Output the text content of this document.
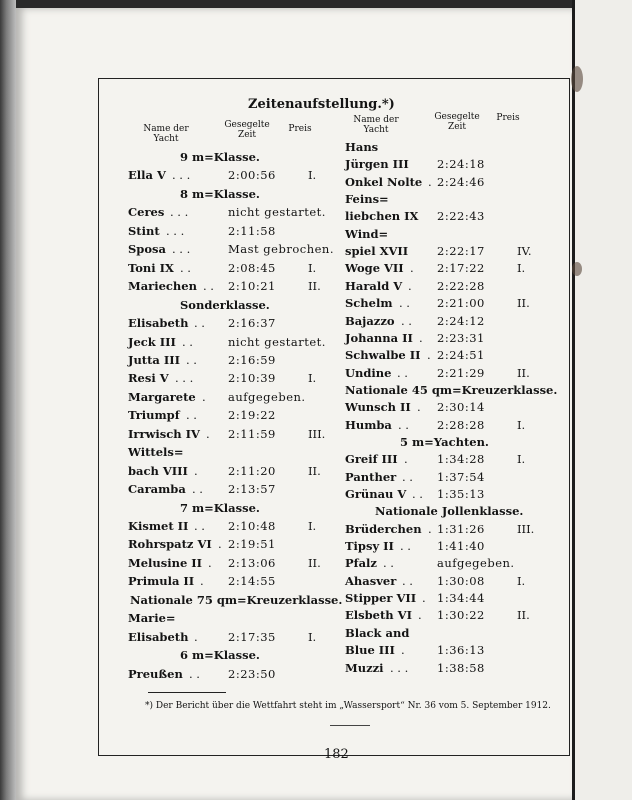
Zeitenaufstellung.*)
Name der Yacht
Gesegelte Zeit
Preis
Name der Yacht
Gesegelte Zeit
Preis
9 m=Klasse.
Ella V . . .	2:00:56	I.
8 m=Klasse.
Ceres . . .	nicht gestartet.
Stint . . .	2:11:58
Sposa . . .	Mast gebrochen.
Toni IX . .	2:08:45	I.
Mariechen . . 2:10:21	II.
Sonderklasse.
Elisabeth . . 2:16:37
Jeck III . .	nicht gestartet.
Jutta III . .	2:16:59
Resi V . . .	2:10:39	I.
Margarete . aufgegeben.
Triumpf . .	2:19:22
Irrwisch IV . 2:11:59	III.
Wittels=
bach VIII .	2:11:20	II.
Caramba . . 2:13:57
7 m=Klasse.
Kismet II . . 2:10:48	I.
Rohrspatz VI . 2:19:51
Melusine II . 2:13:06	II.
Primula II . 2:14:55
Nationale 75 qm=Kreuzerklasse.
Marie=
Elisabeth .	2:17:35	I.
6 m=Klasse.
Preußen . . 2:23:50
Hans
Jürgen III 2:24:18
Onkel Nolte . 2:24:46
Feins=
liebchen IX 2:22:43
Wind=
spiel XVII	2:22:17	IV.
Woge VII . 2:17:22	I.
Harald V . 2:22:28
Schelm . . 2:21:00	II.
Bajazzo . . 2:24:12
Johanna II . 2:23:31
Schwalbe II . 2:24:51
Undine . .	2:21:29	II.
Nationale 45 qm=Kreuzerklasse.
Wunsch II . 2:30:14
Humba . . 2:28:28	I.
5 m=Yachten.
Greif III .	1:34:28	I.
Panther . . 1:37:54
Grünau V . . 1:35:13
Nationale Jollenklasse.
Brüderchen . 1:31:26	III.
Tipsy II . . 1:41:40
Pfalz . .	aufgegeben.
Ahasver . . 1:30:08	I.
Stipper VII . 1:34:44
Elsbeth VI . 1:30:22	II.
Black and
Blue III .	1:36:13
Muzzi . . . 1:38:58
*) Der Bericht über die Wettfahrt steht im „Wassersport“ Nr. 36 vom 5. September 1912.
182
